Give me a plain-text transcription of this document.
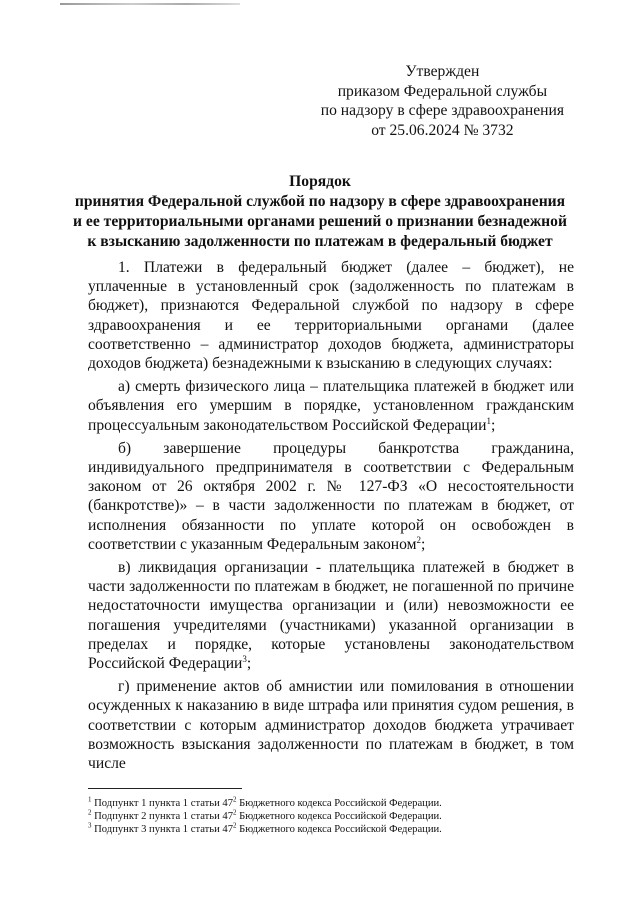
Утвержден
приказом Федеральной службы
по надзору в сфере здравоохранения
от 25.06.2024 № 3732
Порядок
принятия Федеральной службой по надзору в сфере здравоохранения
и ее территориальными органами решений о признании безнадежной
к взысканию задолженности по платежам в федеральный бюджет

1. Платежи в федеральный бюджет (далее – бюджет), не уплаченные в установленный срок (задолженность по платежам в бюджет), признаются Федеральной службой по надзору в сфере здравоохранения и ее территориальными органами (далее соответственно – администратор доходов бюджета, администраторы доходов бюджета) безнадежными к взысканию в следующих случаях:

а) смерть физического лица – плательщика платежей в бюджет или объявления его умершим в порядке, установленном гражданским процессуальным законодательством Российской Федерации$^1$;

б) завершение процедуры банкротства гражданина, индивидуального предпринимателя в соответствии с Федеральным законом от 26 октября 2002 г. № 127-ФЗ «О несостоятельности (банкротстве)» – в части задолженности по платежам в бюджет, от исполнения обязанности по уплате которой он освобожден в соответствии с указанным Федеральным законом$^2$;

в) ликвидация организации - плательщика платежей в бюджет в части задолженности по платежам в бюджет, не погашенной по причине недостаточности имущества организации и (или) невозможности ее погашения учредителями (участниками) указанной организации в пределах и порядке, которые установлены законодательством Российской Федерации$^3$;

г) применение актов об амнистии или помилования в отношении осужденных к наказанию в виде штрафа или принятия судом решения, в соответствии с которым администратор доходов бюджета утрачивает возможность взыскания задолженности по платежам в бюджет, в том числе

$^1$ Подпункт 1 пункта 1 статьи $47^2$ Бюджетного кодекса Российской Федерации.

$^2$ Подпункт 2 пункта 1 статьи $47^2$ Бюджетного кодекса Российской Федерации.

$^3$ Подпункт 3 пункта 1 статьи $47^2$ Бюджетного кодекса Российской Федерации.
